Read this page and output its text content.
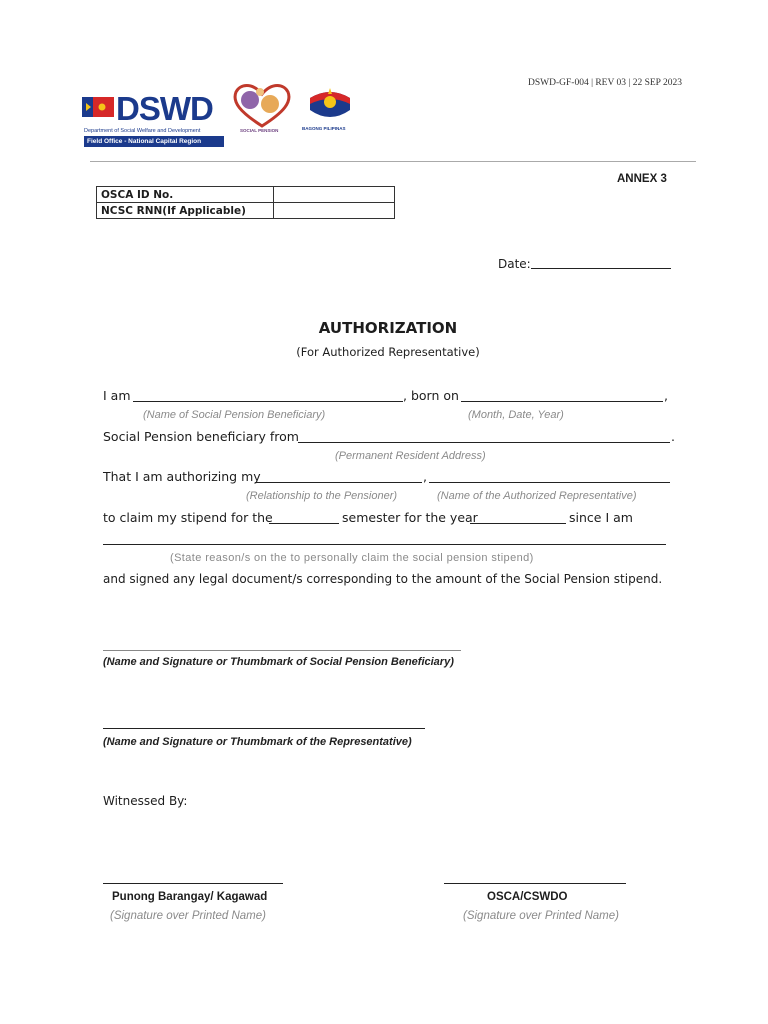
DSWD-GF-004 | REV 03 | 22 SEP 2023
DSWD
Department of Social Welfare and Development
Field Office - National Capital Region
SOCIAL PENSION	BAGONG PILIPINAS
ANNEX 3
OSCA ID No.	
NCSC RNN(If Applicable)	
Date:
AUTHORIZATION
(For Authorized Representative)
I am	, born on	,
(Name of Social Pension Beneficiary)	(Month, Date, Year)
Social Pension beneficiary from	.
(Permanent Resident Address)
That I am authorizing my	,
(Relationship to the Pensioner)	(Name of the Authorized Representative)
to claim my stipend for the	semester for the year	since I am
(State reason/s on the to personally claim the social pension stipend)
and signed any legal document/s corresponding to the amount of the Social Pension stipend.
(Name and Signature or Thumbmark of Social Pension Beneficiary)
(Name and Signature or Thumbmark of the Representative)
Witnessed By:
Punong Barangay/ Kagawad
(Signature over Printed Name)
OSCA/CSWDO
(Signature over Printed Name)
